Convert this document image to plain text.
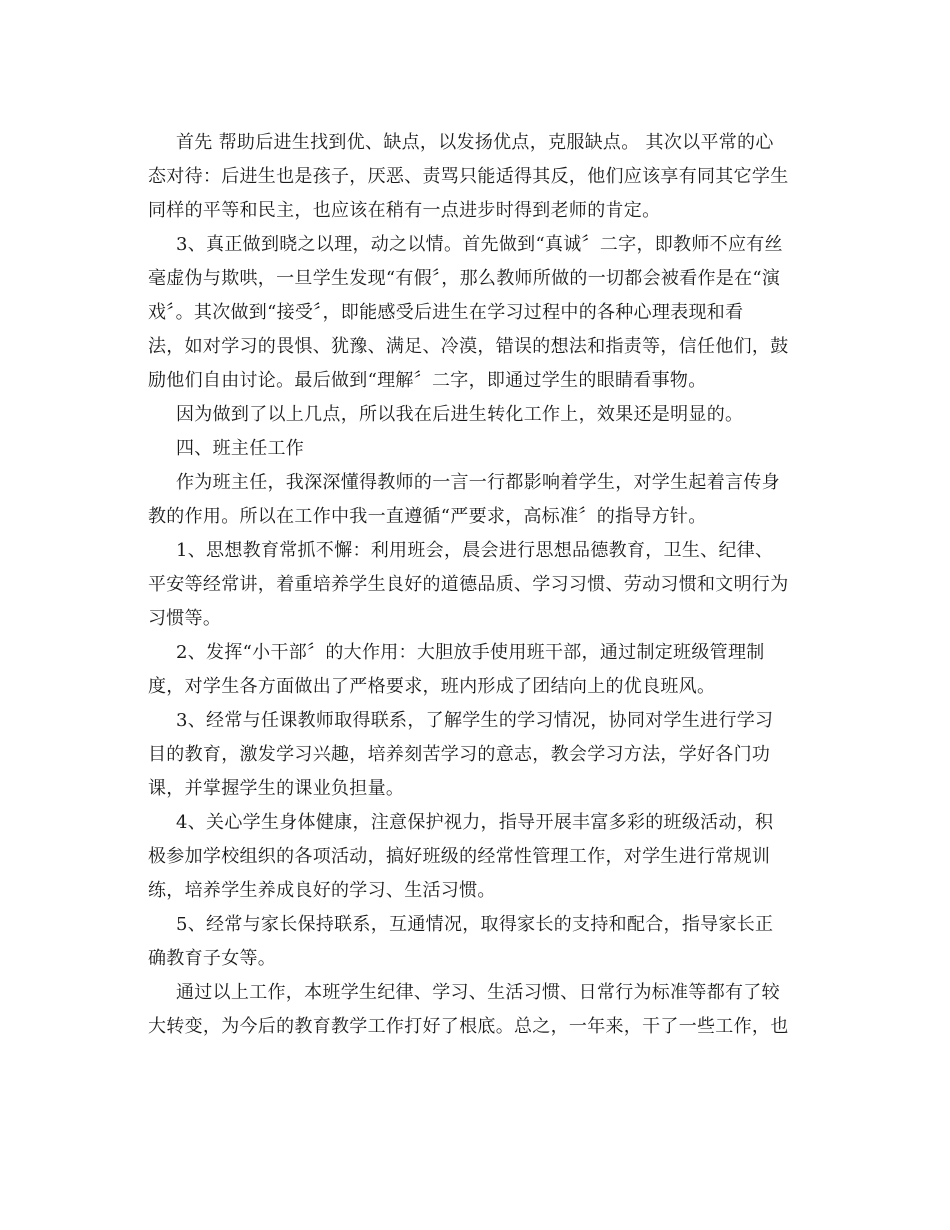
首先 帮助后进生找到优、缺点，以发扬优点，克服缺点。 其次以平常的心

态对待：后进生也是孩子，厌恶、责骂只能适得其反，他们应该享有同其它学生

同样的平等和民主，也应该在稍有一点进步时得到老师的肯定。

3、真正做到晓之以理，动之以情。首先做到“真诚〞二字，即教师不应有丝

毫虚伪与欺哄，一旦学生发现“有假〞，那么教师所做的一切都会被看作是在“演

戏〞。其次做到“接受〞，即能感受后进生在学习过程中的各种心理表现和看

法，如对学习的畏惧、犹豫、满足、冷漠，错误的想法和指责等，信任他们，鼓

励他们自由讨论。最后做到“理解〞二字，即通过学生的眼睛看事物。

因为做到了以上几点，所以我在后进生转化工作上，效果还是明显的。

四、班主任工作

作为班主任，我深深懂得教师的一言一行都影响着学生，对学生起着言传身

教的作用。所以在工作中我一直遵循“严要求，高标准〞的指导方针。

1、思想教育常抓不懈：利用班会，晨会进行思想品德教育，卫生、纪律、

平安等经常讲，着重培养学生良好的道德品质、学习习惯、劳动习惯和文明行为

习惯等。

2、发挥“小干部〞的大作用：大胆放手使用班干部，通过制定班级管理制

度，对学生各方面做出了严格要求，班内形成了团结向上的优良班风。

3、经常与任课教师取得联系，了解学生的学习情况，协同对学生进行学习

目的教育，激发学习兴趣，培养刻苦学习的意志，教会学习方法，学好各门功

课，并掌握学生的课业负担量。

4、关心学生身体健康，注意保护视力，指导开展丰富多彩的班级活动，积

极参加学校组织的各项活动，搞好班级的经常性管理工作，对学生进行常规训

练，培养学生养成良好的学习、生活习惯。

5、经常与家长保持联系，互通情况，取得家长的支持和配合，指导家长正

确教育子女等。

通过以上工作，本班学生纪律、学习、生活习惯、日常行为标准等都有了较

大转变，为今后的教育教学工作打好了根底。总之，一年来，干了一些工作，也
